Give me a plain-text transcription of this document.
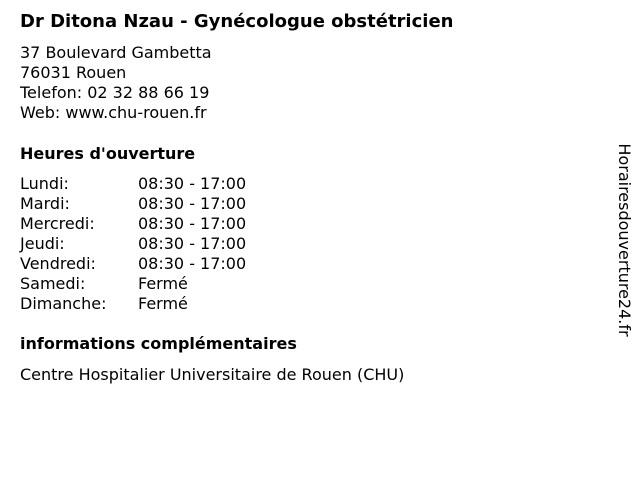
Dr Ditona Nzau - Gynécologue obstétricien
37 Boulevard Gambetta
76031 Rouen
Telefon: 02 32 88 66 19
Web: www.chu-rouen.fr
Heures d'ouverture
Lundi:	08:30 - 17:00
Mardi:	08:30 - 17:00
Mercredi:	08:30 - 17:00
Jeudi:	08:30 - 17:00
Vendredi:	08:30 - 17:00
Samedi:	Fermé
Dimanche:	Fermé
informations complémentaires
Centre Hospitalier Universitaire de Rouen (CHU)
Horairesdouverture24.fr
